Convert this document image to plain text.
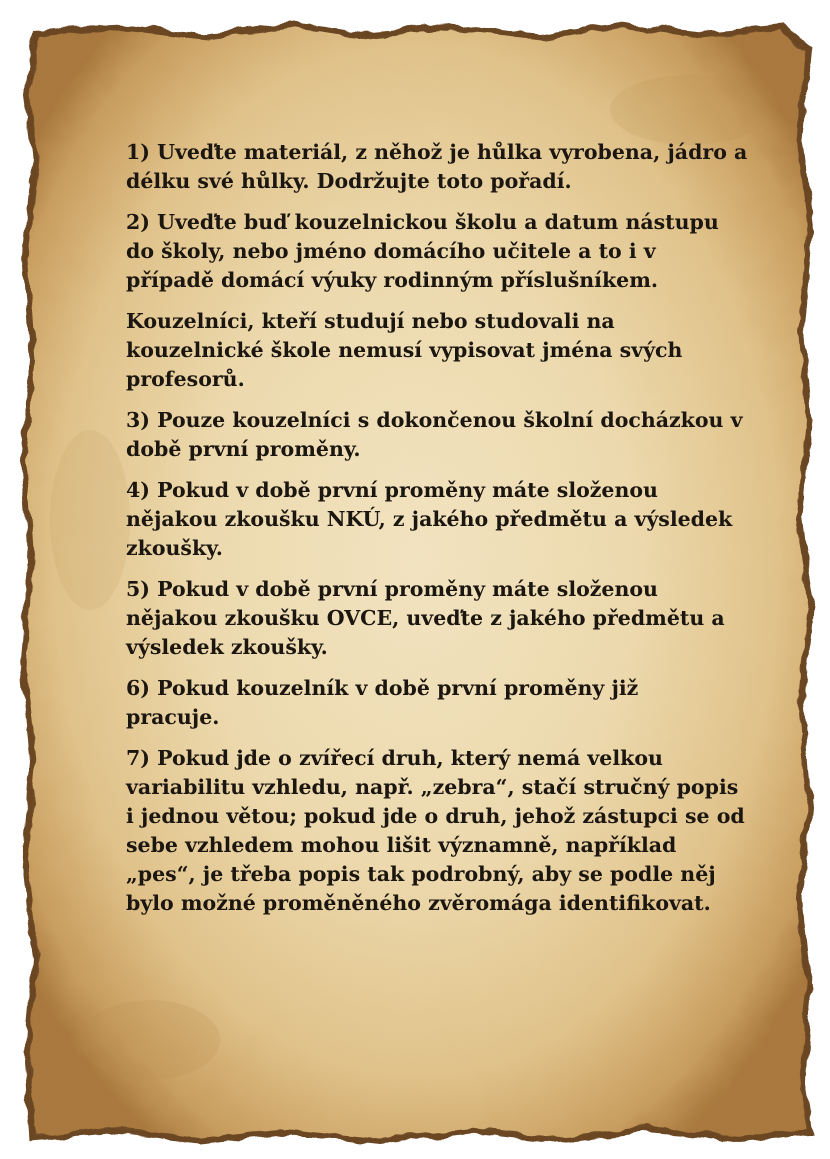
1) Uveďte materiál, z něhož je hůlka vyrobena, jádro a
délku své hůlky. Dodržujte toto pořadí.
2) Uveďte buď kouzelnickou školu a datum nástupu
do školy, nebo jméno domácího učitele a to i v
případě domácí výuky rodinným příslušníkem.
Kouzelníci, kteří studují nebo studovali na
kouzelnické škole nemusí vypisovat jména svých
profesorů.
3) Pouze kouzelníci s dokončenou školní docházkou v
době první proměny.
4) Pokud v době první proměny máte složenou
nějakou zkoušku NKÚ, z jakého předmětu a výsledek
zkoušky.
5) Pokud v době první proměny máte složenou
nějakou zkoušku OVCE, uveďte z jakého předmětu a
výsledek zkoušky.
6) Pokud kouzelník v době první proměny již
pracuje.
7) Pokud jde o zvířecí druh, který nemá velkou
variabilitu vzhledu, např. „zebra“, stačí stručný popis
i jednou větou; pokud jde o druh, jehož zástupci se od
sebe vzhledem mohou lišit významně, například
„pes“, je třeba popis tak podrobný, aby se podle něj
bylo možné proměněného zvěromága identifikovat.
